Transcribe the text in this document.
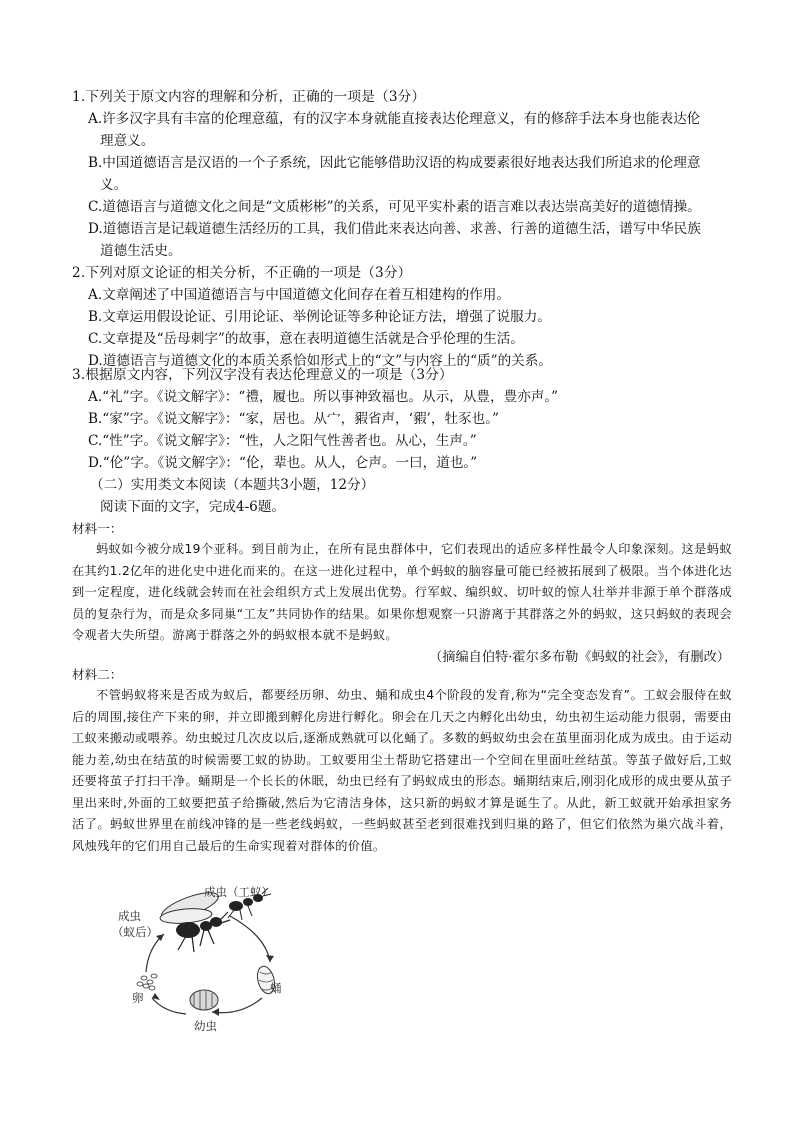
1.下列关于原文内容的理解和分析，正确的一项是（3分）

A.许多汉字具有丰富的伦理意蕴，有的汉字本身就能直接表达伦理意义，有的修辞手法本身也能表达伦

理意义。

B.中国道德语言是汉语的一个子系统，因此它能够借助汉语的构成要素很好地表达我们所追求的伦理意

义。

C.道德语言与道德文化之间是“文质彬彬”的关系，可见平实朴素的语言难以表达崇高美好的道德情操。

D.道德语言是记载道德生活经历的工具，我们借此来表达向善、求善、行善的道德生活，谱写中华民族

道德生活史。

2.下列对原文论证的相关分析，不正确的一项是（3分）

A.文章阐述了中国道德语言与中国道德文化间存在着互相建构的作用。

B.文章运用假设论证、引用论证、举例论证等多种论证方法，增强了说服力。

C.文章提及“岳母刺字”的故事，意在表明道德生活就是合乎伦理的生活。

D.道德语言与道德文化的本质关系恰如形式上的“文”与内容上的“质”的关系。

3.根据原文内容，下列汉字没有表达伦理意义的一项是（3分）

A.“礼”字。《说文解字》：“禮，履也。所以事神致福也。从示，从豊，豊亦声。”

B.“家”字。《说文解字》：“家，居也。从宀，豭省声，‘豭’，牡豕也。”

C.“性”字。《说文解字》：“性，人之阳气性善者也。从心，生声。”

D.“伦”字。《说文解字》：“伦，辈也。从人，仑声。一曰，道也。”

（二）实用类文本阅读（本题共3小题，12分）

阅读下面的文字，完成4-6题。

材料一：

蚂蚁如今被分成19个亚科。到目前为止，在所有昆虫群体中，它们表现出的适应多样性最令人印象深刻。这是蚂蚁在其约1.2亿年的进化史中进化而来的。在这一进化过程中，单个蚂蚁的脑容量可能已经被拓展到了极限。当个体进化达到一定程度，进化线就会转而在社会组织方式上发展出优势。行军蚁、编织蚁、切叶蚁的惊人壮举并非源于单个群落成员的复杂行为，而是众多同巢“工友”共同协作的结果。如果你想观察一只游离于其群落之外的蚂蚁，这只蚂蚁的表现会令观者大失所望。游离于群落之外的蚂蚁根本就不是蚂蚁。

（摘编自伯特·霍尔多布勒《蚂蚁的社会》，有删改）

材料二：

不管蚂蚁将来是否成为蚁后，都要经历卵、幼虫、蛹和成虫4个阶段的发育,称为“完全变态发育”。工蚁会服侍在蚁后的周围,接住产下来的卵，并立即搬到孵化房进行孵化。卵会在几天之内孵化出幼虫，幼虫初生运动能力很弱，需要由工蚁来搬动或喂养。幼虫蜕过几次皮以后,逐渐成熟就可以化蛹了。多数的蚂蚁幼虫会在茧里面羽化成为成虫。由于运动能力差,幼虫在结茧的时候需要工蚁的协助。工蚁要用尘土帮助它搭建出一个空间在里面吐丝结茧。等茧子做好后,工蚁还要将茧子打扫干净。蛹期是一个长长的休眠，幼虫已经有了蚂蚁成虫的形态。蛹期结束后,刚羽化成形的成虫要从茧子里出来时,外面的工蚁要把茧子给撕破,然后为它清洁身体，这只新的蚂蚁才算是诞生了。从此，新工蚁就开始承担家务活了。蚂蚁世界里在前线冲锋的是一些老线蚂蚁，一些蚂蚁甚至老到很难找到归巢的路了，但它们依然为巢穴战斗着，风烛残年的它们用自己最后的生命实现着对群体的价值。

成虫（工蚁）
成虫
（蚁后）
卵
幼虫
蛹
